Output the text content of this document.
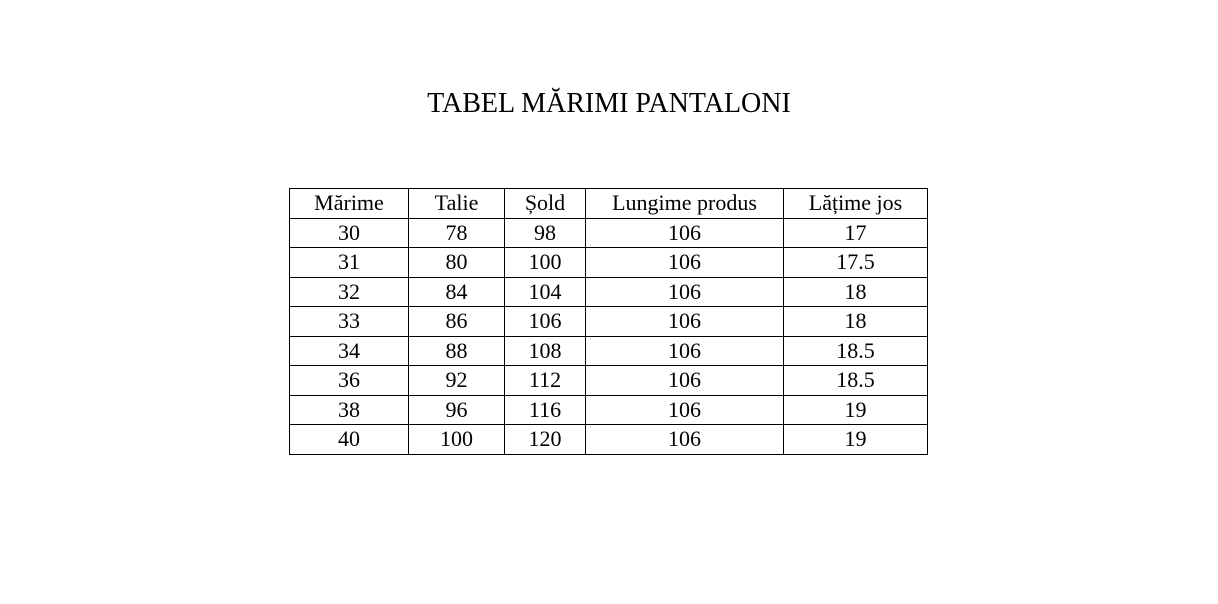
TABEL MĂRIMI PANTALONI
Mărime	Talie	Șold	Lungime produs	Lățime jos
30	78	98	106	17
31	80	100	106	17.5
32	84	104	106	18
33	86	106	106	18
34	88	108	106	18.5
36	92	112	106	18.5
38	96	116	106	19
40	100	120	106	19
